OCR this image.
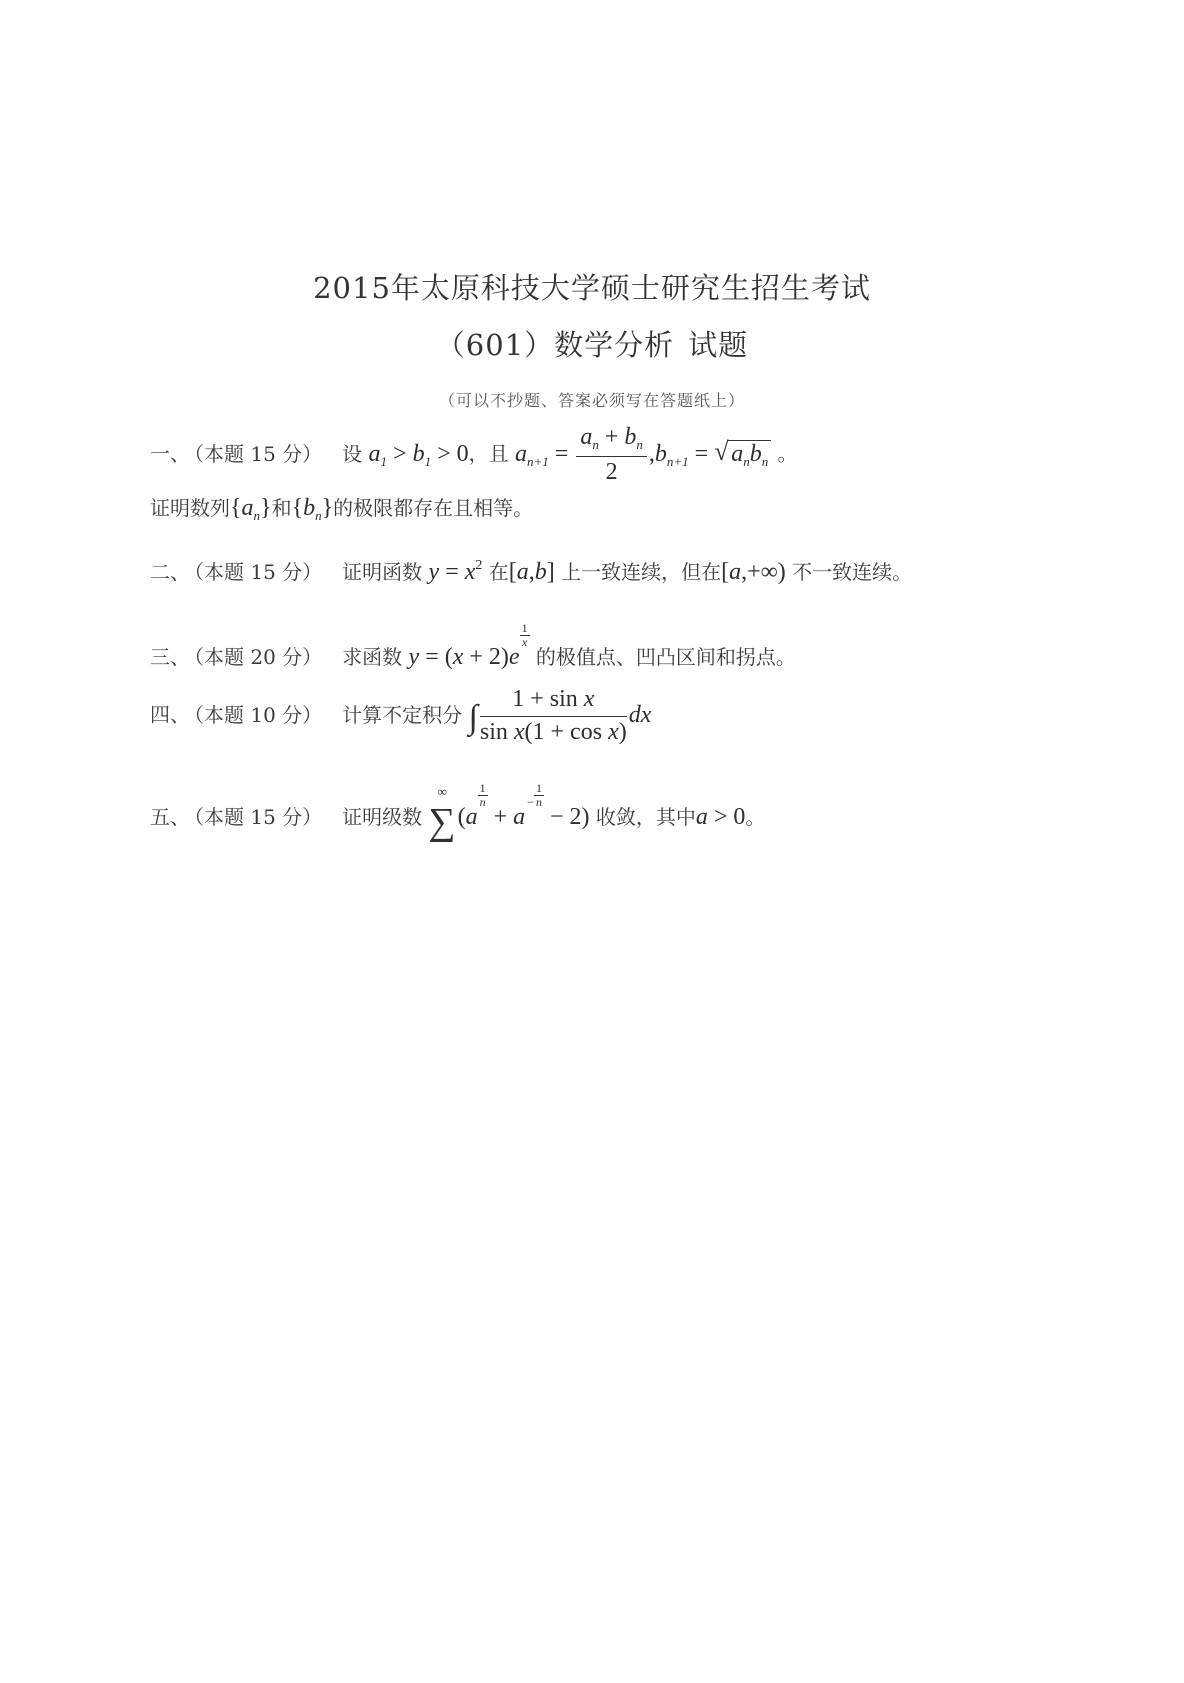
2015年太原科技大学硕士研究生招生考试
（601）数学分析 试题
（可以不抄题、答案必须写在答题纸上）
一、 （本题 15 分） 设 $a_1 > b_1 > 0$，且 $a_{n+1} = \frac{a_n + b_n}{2} ,b_{n+1}$ = √ $a_nb_n$ 。
证明数列$\{a_n\}$和$\{b_n\}$的极限都存在且相等。
二、 （本题 15 分） 证明函数 $y = x^2$ 在[a,b] 上一致连续，但在[a,+∞) 不一致连续。
三、 （本题 20 分） 求函数 y = (x + 2)e
$\frac{1}{x}$
的极值点、凹凸区间和拐点。
四、 （本题 10 分） 计算不定积分 ∫ $\frac{\text{1 + sin x}}{\text{sin x(1 + cos x)}}$ dx
五、 （本题 15 分） 证明级数
∞
∑(a
$\frac{1}{n}$
+ a
− $\frac{1}{n}$
− 2) 收敛，其中a > 0。
